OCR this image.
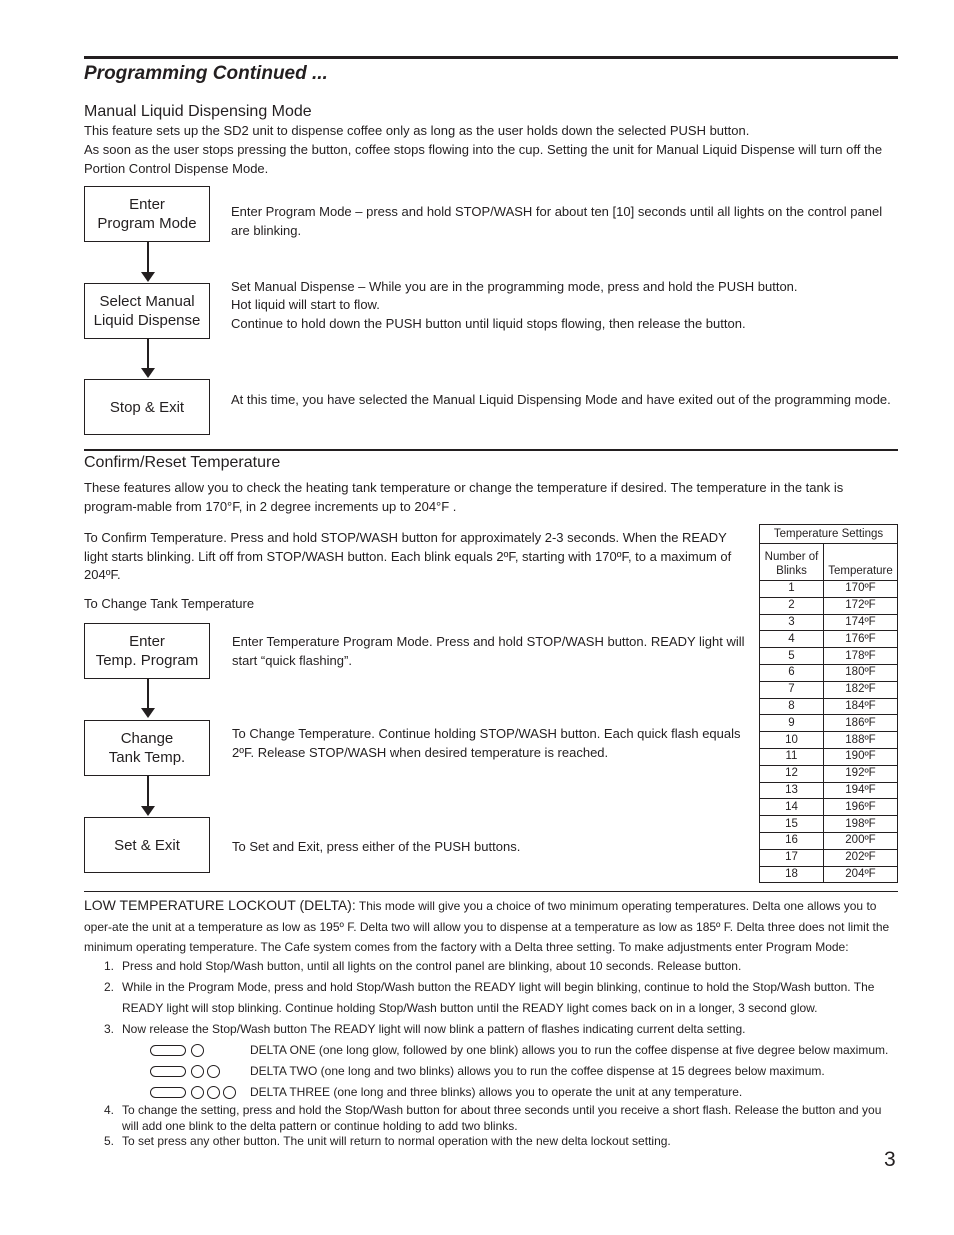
Programming Continued ...
Manual Liquid Dispensing Mode
This feature sets up the SD2 unit to dispense coffee only as long as the user holds down the selected PUSH button.
As soon as the user stops pressing the button, coffee stops flowing into the cup. Setting the unit for Manual Liquid Dispense will turn off the Portion Control Dispense Mode.
Enter
Program Mode
Enter Program Mode – press and hold STOP/WASH for about ten [10] seconds until all lights on the control panel are blinking.
Select Manual
Liquid Dispense
Set Manual Dispense – While you are in the programming mode, press and hold the PUSH button.
Hot liquid will start to flow.
Continue to hold down the PUSH button until liquid stops flowing, then release the button.
Stop & Exit	At this time, you have selected the Manual Liquid Dispensing Mode and have exited out of the programming mode.
Confirm/Reset Temperature
These features allow you to check the heating tank temperature or change the temperature if desired. The temperature in the tank is program-mable from 170°F, in 2 degree increments up to 204°F .
To Confirm Temperature. Press and hold STOP/WASH button for approximately 2-3 seconds. When the READY light starts blinking. Lift off from STOP/WASH button. Each blink equals 2ºF, starting with 170ºF, to a maximum of 204ºF.
To Change Tank Temperature
Enter
Temp. Program
Enter Temperature Program Mode. Press and hold STOP/WASH button. READY light will start “quick flashing”.
Change
Tank Temp.
To Change Temperature. Continue holding STOP/WASH button. Each quick flash equals 2ºF. Release STOP/WASH when desired temperature is reached.
Set & Exit	To Set and Exit, press either of the PUSH buttons.
Temperature Settings	
Number of Blinks	Temperature
1	170ºF
2	172ºF
3	174ºF
4	176ºF
5	178ºF
6	180ºF
7	182ºF
8	184ºF
9	186ºF
10	188ºF
11	190ºF
12	192ºF
13	194ºF
14	196ºF
15	198ºF
16	200ºF
17	202ºF
18	204ºF
LOW TEMPERATURE LOCKOUT (DELTA): This mode will give you a choice of two minimum operating temperatures. Delta one allows you to oper-ate the unit at a temperature as low as 195º F. Delta two will allow you to dispense at a temperature as low as 185º F. Delta three does not limit the minimum operating temperature. The Cafe system comes from the factory with a Delta three setting. To make adjustments enter Program Mode:
1. Press and hold Stop/Wash button, until all lights on the control panel are blinking, about 10 seconds. Release button.
2. While in the Program Mode, press and hold Stop/Wash button the READY light will begin blinking, continue to hold the Stop/Wash button. The READY light will stop blinking. Continue holding Stop/Wash button until the READY light comes back on in a longer, 3 second glow.
3. Now release the Stop/Wash button The READY light will now blink a pattern of flashes indicating current delta setting.
DELTA ONE (one long glow, followed by one blink) allows you to run the coffee dispense at five degree below maximum.
DELTA TWO (one long and two blinks) allows you to run the coffee dispense at 15 degrees below maximum.
DELTA THREE (one long and three blinks) allows you to operate the unit at any temperature.
4. To change the setting, press and hold the Stop/Wash button for about three seconds until you receive a short flash. Release the button and you will add one blink to the delta pattern or continue holding to add two blinks.
5. To set press any other button. The unit will return to normal operation with the new delta lockout setting.
3
